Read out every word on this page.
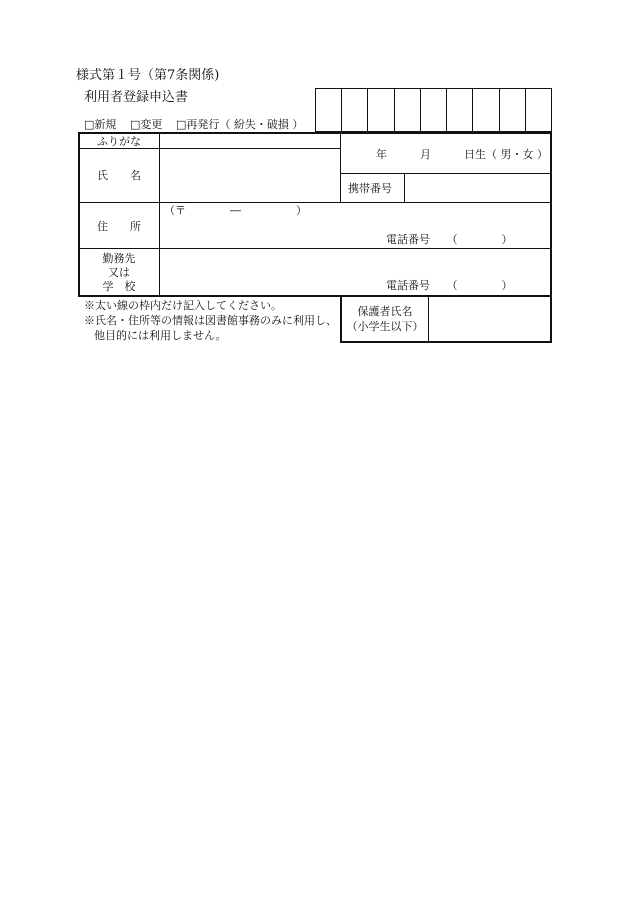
様式第１号（第7条関係)
利用者登録申込書
□新規 □変更 □再発行（ 紛失・破損 ）
ふりがな
氏　　名
年　　　月　　　日生（ 男・女 ）
携帯番号
住　　所
（〒　　　　―　　　　　）
電話番号　　（　　　　）
勤務先
又は
学　校	電話番号　　（　　　　）
保護者氏名
（小学生以下）
※太い線の枠内だけ記入してください。
※氏名・住所等の情報は図書館事務のみに利用し、
他目的には利用しません。
